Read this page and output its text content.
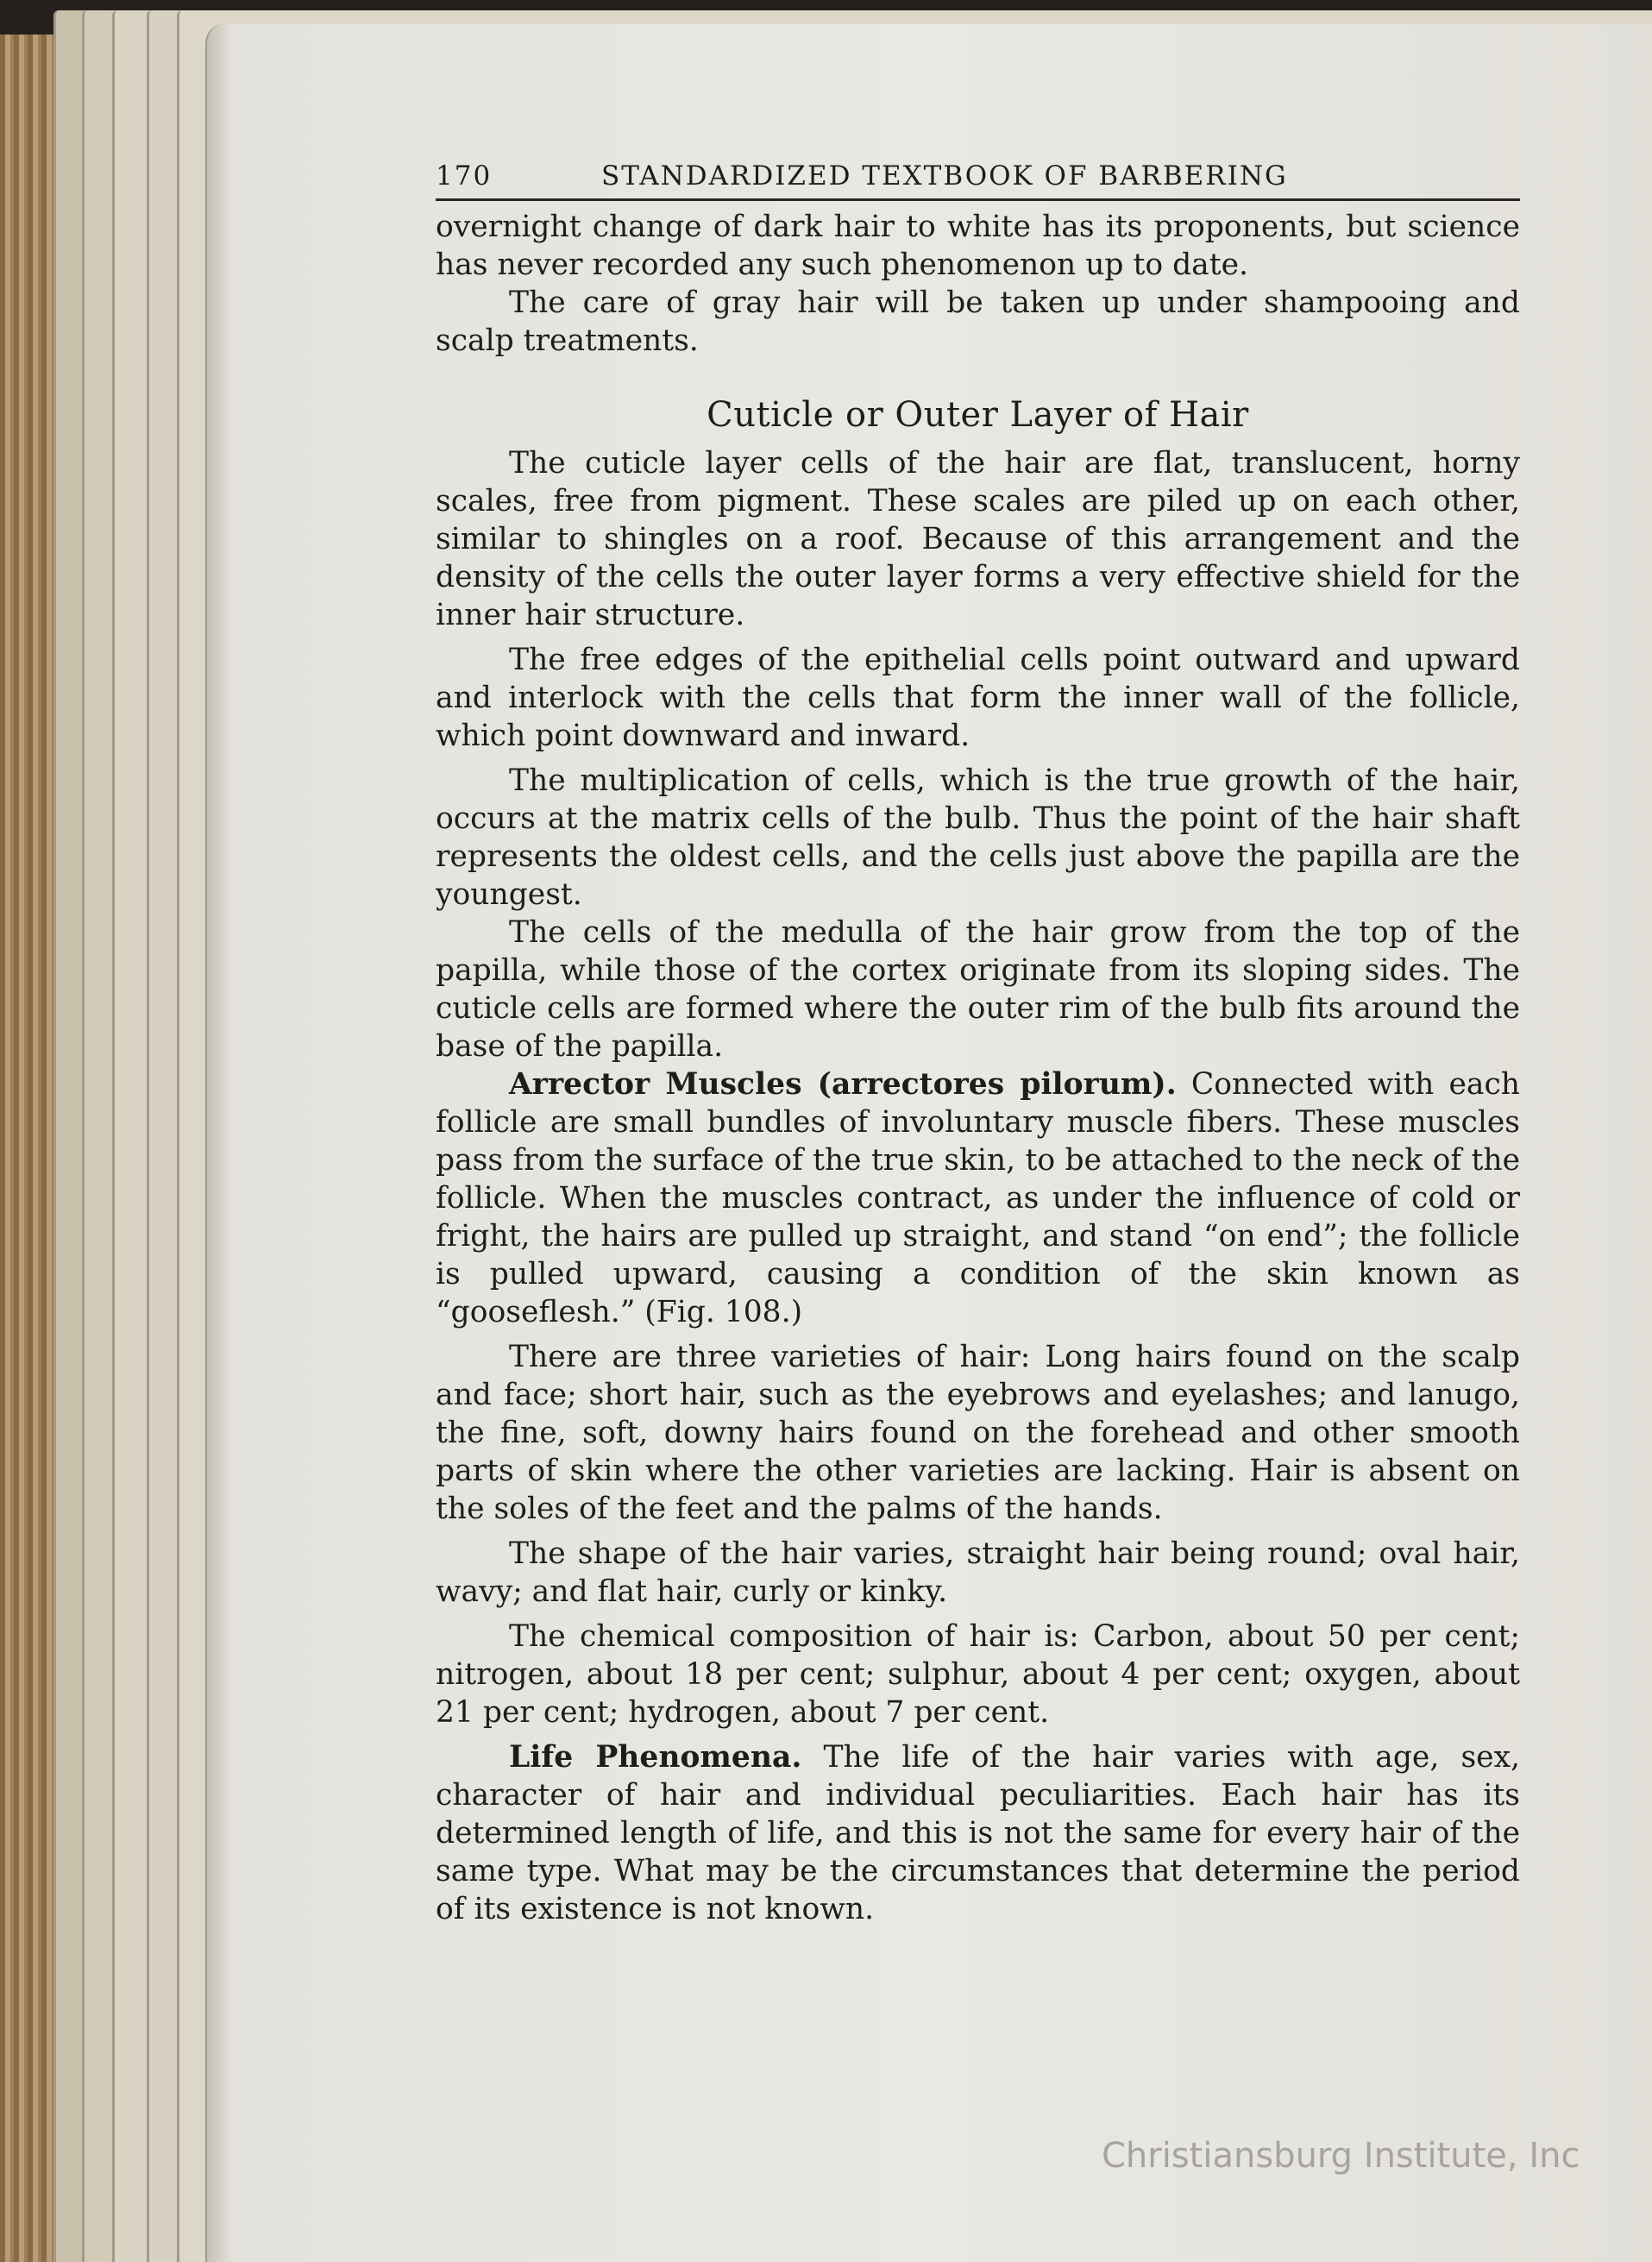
170	STANDARDIZED TEXTBOOK OF BARBERING

overnight change of dark hair to white has its proponents, but science has never recorded any such phenomenon up to date.

The care of gray hair will be taken up under shampooing and scalp treatments.

Cuticle or Outer Layer of Hair

The cuticle layer cells of the hair are flat, translucent, horny scales, free from pigment. These scales are piled up on each other, similar to shingles on a roof. Because of this arrangement and the density of the cells the outer layer forms a very effective shield for the inner hair structure.

The free edges of the epithelial cells point outward and upward and interlock with the cells that form the inner wall of the follicle, which point downward and inward.

The multiplication of cells, which is the true growth of the hair, occurs at the matrix cells of the bulb. Thus the point of the hair shaft represents the oldest cells, and the cells just above the papilla are the youngest.

The cells of the medulla of the hair grow from the top of the papilla, while those of the cortex originate from its sloping sides. The cuticle cells are formed where the outer rim of the bulb fits around the base of the papilla.

Arrector Muscles (arrectores pilorum). Connected with each follicle are small bundles of involuntary muscle fibers. These muscles pass from the surface of the true skin, to be attached to the neck of the follicle. When the muscles contract, as under the influence of cold or fright, the hairs are pulled up straight, and stand “on end”; the follicle is pulled upward, causing a condition of the skin known as “gooseflesh.” (Fig. 108.)

There are three varieties of hair: Long hairs found on the scalp and face; short hair, such as the eyebrows and eyelashes; and lanugo, the fine, soft, downy hairs found on the forehead and other smooth parts of skin where the other varieties are lacking. Hair is absent on the soles of the feet and the palms of the hands.

The shape of the hair varies, straight hair being round; oval hair, wavy; and flat hair, curly or kinky.

The chemical composition of hair is: Carbon, about 50 per cent; nitrogen, about 18 per cent; sulphur, about 4 per cent; oxygen, about 21 per cent; hydrogen, about 7 per cent.

Life Phenomena. The life of the hair varies with age, sex, character of hair and individual peculiarities. Each hair has its determined length of life, and this is not the same for every hair of the same type. What may be the circumstances that determine the period of its existence is not known.

Christiansburg Institute, Inc
